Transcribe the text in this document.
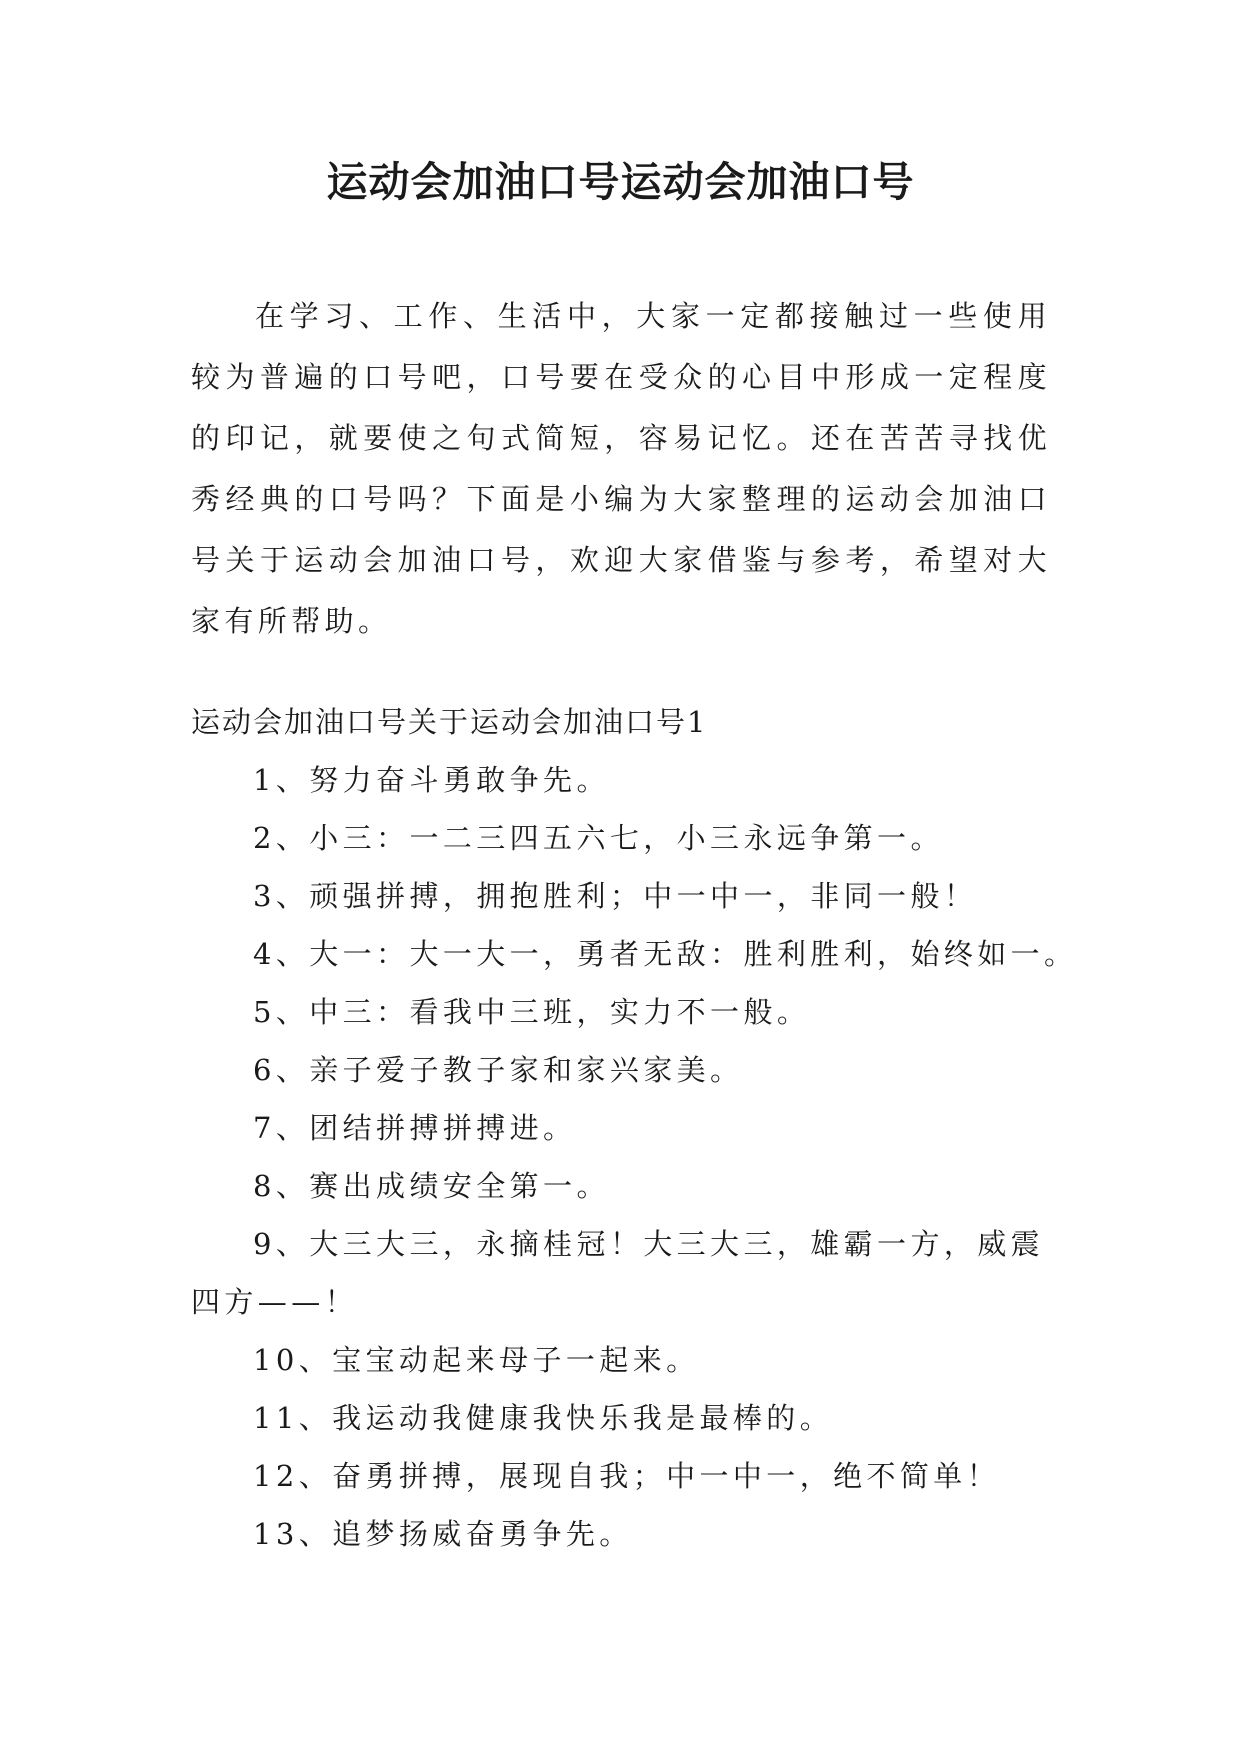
运动会加油口号运动会加油口号

在学习、工作、生活中，大家一定都接触过一些使用较为普遍的口号吧，口号要在受众的心目中形成一定程度的印记，就要使之句式简短，容易记忆。还在苦苦寻找优秀经典的口号吗？下面是小编为大家整理的运动会加油口号关于运动会加油口号，欢迎大家借鉴与参考，希望对大家有所帮助。

运动会加油口号关于运动会加油口号1

1、努力奋斗勇敢争先。
2、小三：一二三四五六七，小三永远争第一。
3、顽强拼搏，拥抱胜利；中一中一，非同一般！
4、大一：大一大一，勇者无敌：胜利胜利，始终如一。
5、中三：看我中三班，实力不一般。
6、亲子爱子教子家和家兴家美。
7、团结拼搏拼搏进。
8、赛出成绩安全第一。
9、大三大三，永摘桂冠！大三大三，雄霸一方，威震四方——！
10、宝宝动起来母子一起来。
11、我运动我健康我快乐我是最棒的。
12、奋勇拼搏，展现自我；中一中一，绝不简单！
13、追梦扬威奋勇争先。
